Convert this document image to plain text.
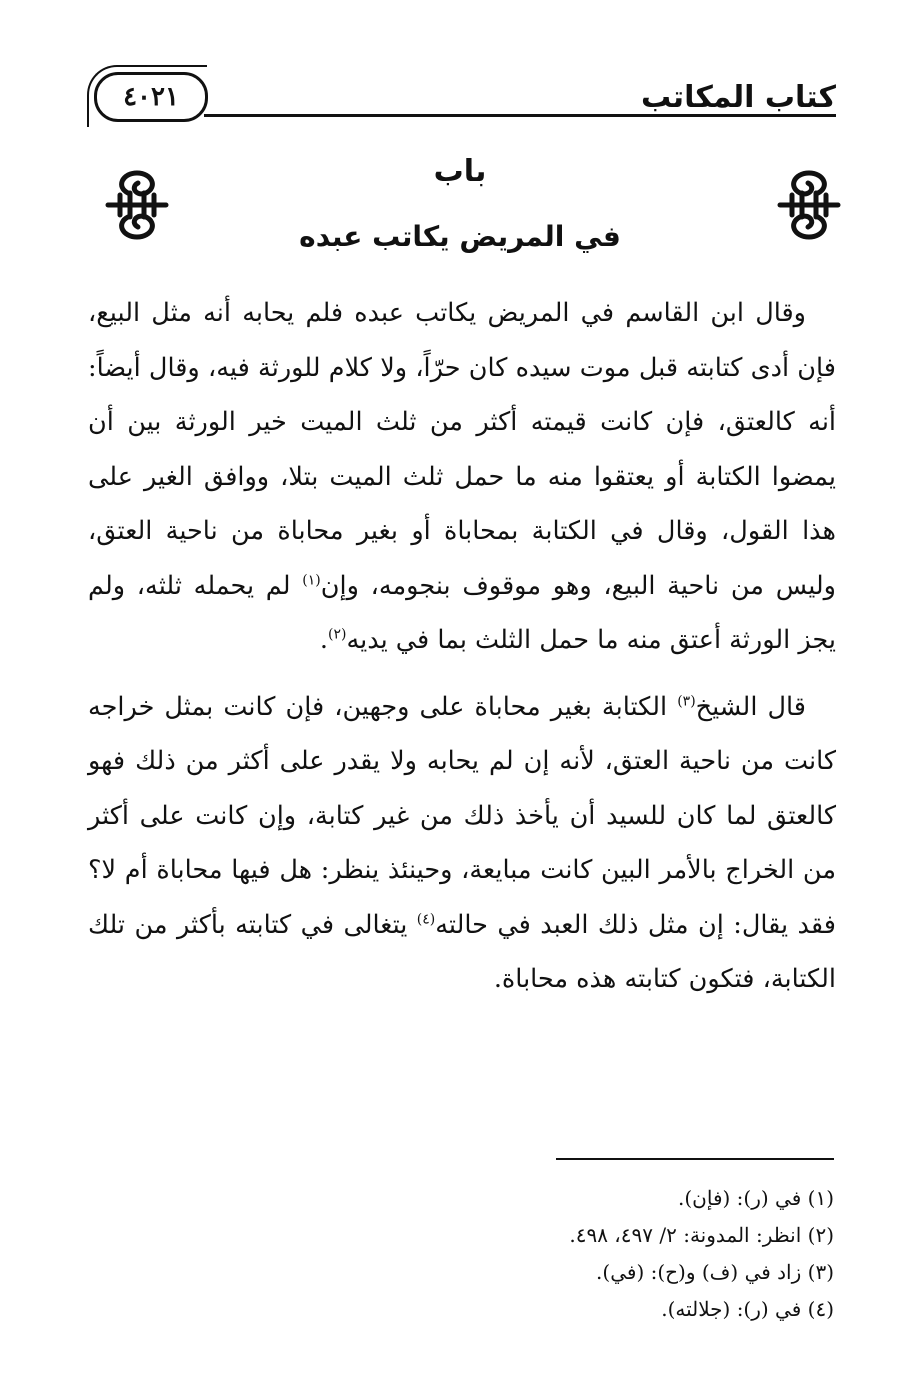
كتاب المكاتب
٤٠٢١
باب
في المريض يكاتب عبده

وقال ابن القاسم في المريض يكاتب عبده فلم يحابه أنه مثل البيع، فإن أدى كتابته قبل موت سيده كان حرّاً، ولا كلام للورثة فيه، وقال أيضاً: أنه كالعتق، فإن كانت قيمته أكثر من ثلث الميت خير الورثة بين أن يمضوا الكتابة أو يعتقوا منه ما حمل ثلث الميت بتلا، ووافق الغير على هذا القول، وقال في الكتابة بمحاباة أو بغير محاباة من ناحية العتق، وليس من ناحية البيع، وهو موقوف بنجومه، وإن$^{(١)}$ لم يحمله ثلثه، ولم يجز الورثة أعتق منه ما حمل الثلث بما في يديه$^{(٢)}$.

قال الشيخ$^{(٣)}$ الكتابة بغير محاباة على وجهين، فإن كانت بمثل خراجه كانت من ناحية العتق، لأنه إن لم يحابه ولا يقدر على أكثر من ذلك فهو كالعتق لما كان للسيد أن يأخذ ذلك من غير كتابة، وإن كانت على أكثر من الخراج بالأمر البين كانت مبايعة، وحينئذ ينظر: هل فيها محاباة أم لا؟ فقد يقال: إن مثل ذلك العبد في حالته$^{(٤)}$ يتغالى في كتابته بأكثر من تلك الكتابة، فتكون كتابته هذه محاباة.

(١) في (ر): (فإن).

(٢) انظر: المدونة: ٢/ ٤٩٧، ٤٩٨.

(٣) زاد في (ف) و(ح): (في).

(٤) في (ر): (جلالته).
